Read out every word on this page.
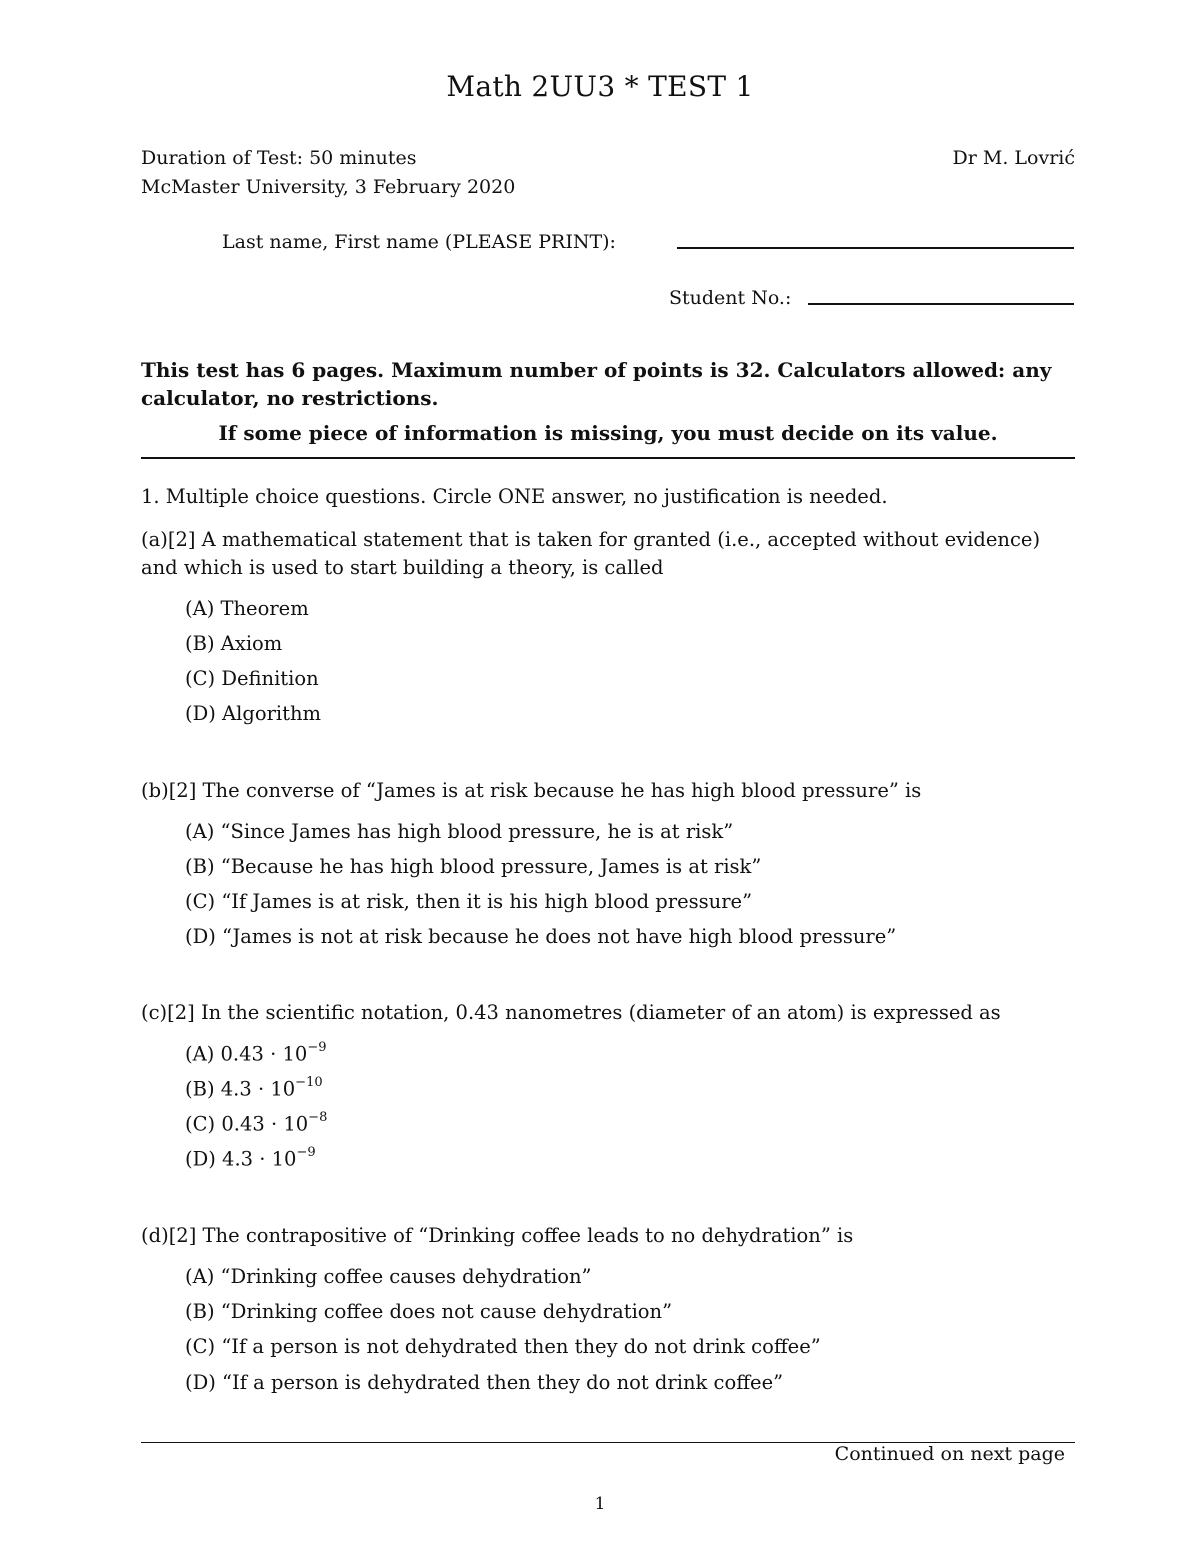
Math 2UU3 * TEST 1
Duration of Test: 50 minutes	Dr M. Lovrić
McMaster University, 3 February 2020
Last name, First name (PLEASE PRINT):
Student No.:
This test has 6 pages. Maximum number of points is 32. Calculators allowed: any calculator, no restrictions.
If some piece of information is missing, you must decide on its value.
1. Multiple choice questions. Circle ONE answer, no justification is needed.
(a)[2] A mathematical statement that is taken for granted (i.e., accepted without evidence) and which is used to start building a theory, is called
(A) Theorem
(B) Axiom
(C) Definition
(D) Algorithm
(b)[2] The converse of “James is at risk because he has high blood pressure” is
(A) “Since James has high blood pressure, he is at risk”
(B) “Because he has high blood pressure, James is at risk”
(C) “If James is at risk, then it is his high blood pressure”
(D) “James is not at risk because he does not have high blood pressure”
(c)[2] In the scientific notation, 0.43 nanometres (diameter of an atom) is expressed as
(A) $0.43 \cdot 10^{-9}$
(B) $4.3 \cdot 10^{-10}$
(C) $0.43 \cdot 10^{-8}$
(D) $4.3 \cdot 10^{-9}$
(d)[2] The contrapositive of “Drinking coffee leads to no dehydration” is
(A) “Drinking coffee causes dehydration”
(B) “Drinking coffee does not cause dehydration”
(C) “If a person is not dehydrated then they do not drink coffee”
(D) “If a person is dehydrated then they do not drink coffee”
Continued on next page
1
